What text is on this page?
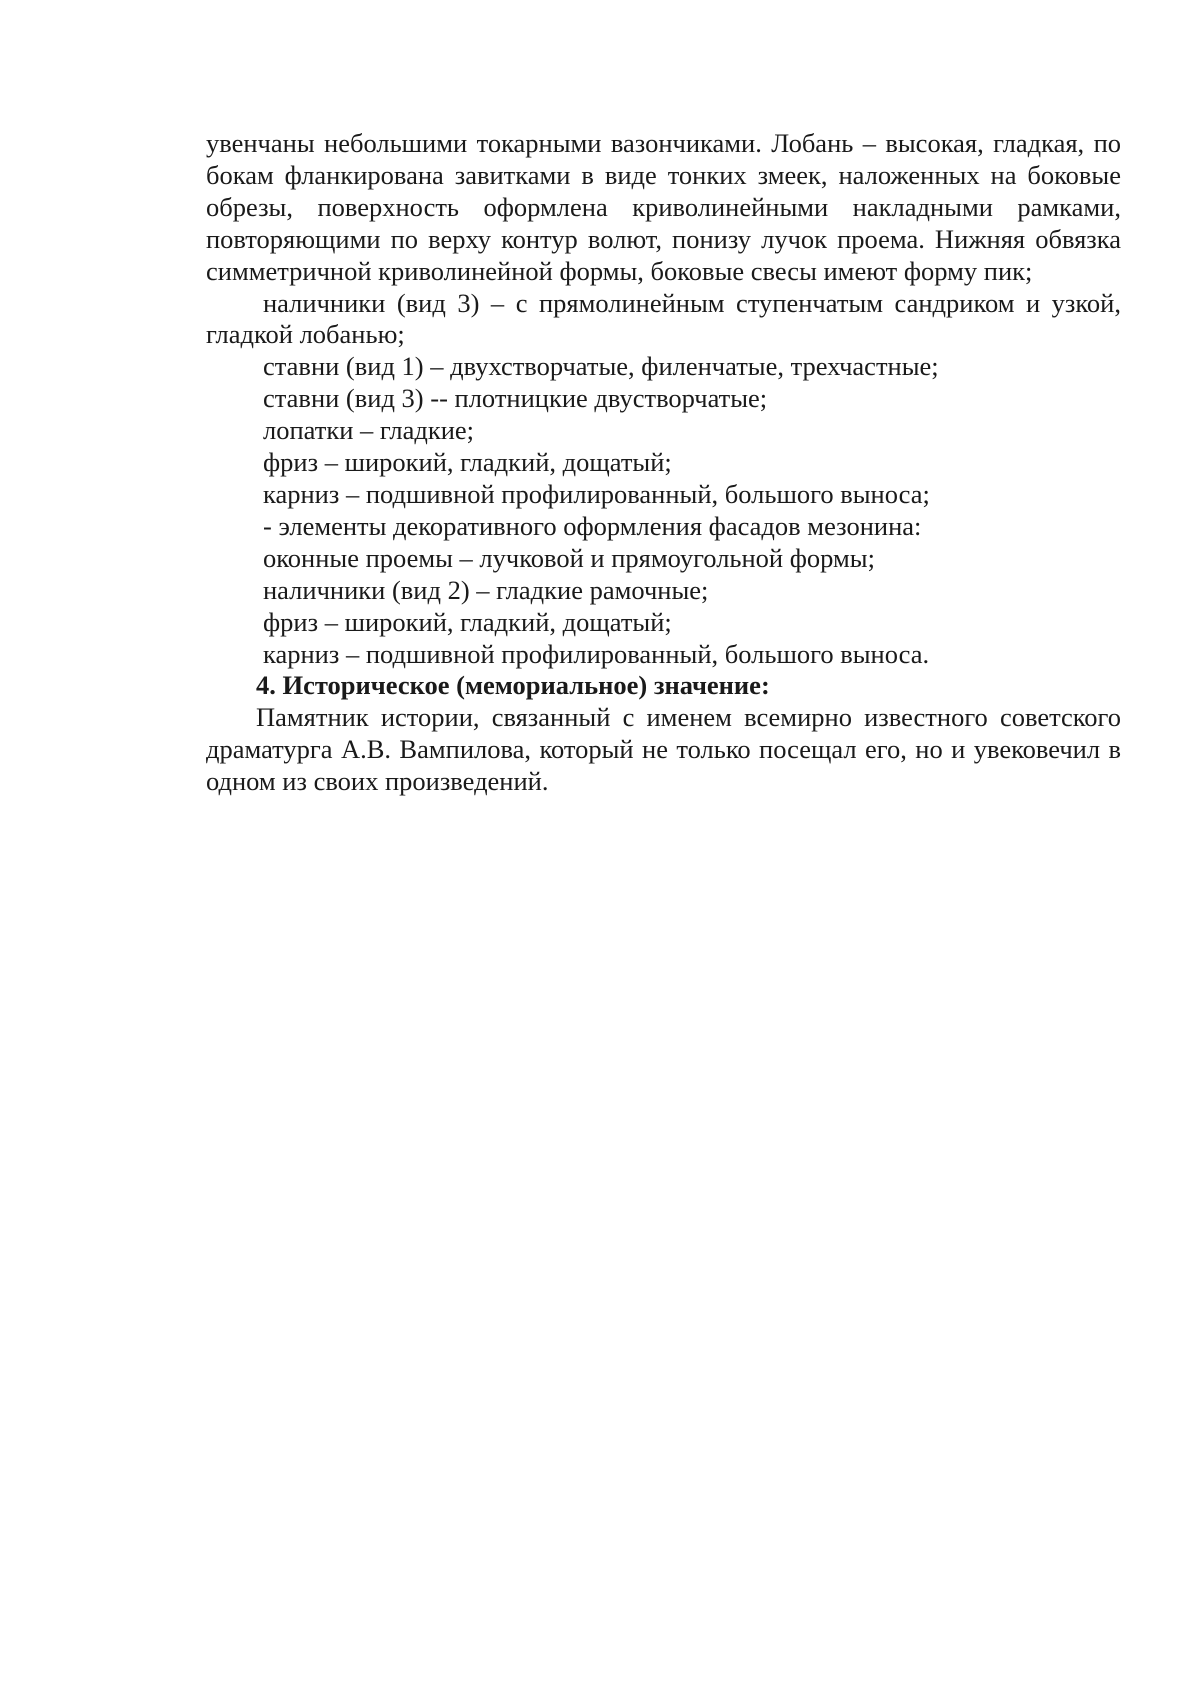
увенчаны небольшими токарными вазончиками. Лобань – высокая, гладкая, по бокам фланкирована завитками в виде тонких змеек, наложенных на боковые обрезы, поверхность оформлена криволинейными накладными рамками, повторяющими по верху контур волют, понизу лучок проема. Нижняя обвязка симметричной криволинейной формы, боковые свесы имеют форму пик;

наличники (вид 3) – с прямолинейным ступенчатым сандриком и узкой, гладкой лобанью;

ставни (вид 1) – двухстворчатые, филенчатые, трехчастные;

ставни (вид 3) -- плотницкие двустворчатые;

лопатки – гладкие;

фриз – широкий, гладкий, дощатый;

карниз – подшивной профилированный, большого выноса;

- элементы декоративного оформления фасадов мезонина:

оконные проемы – лучковой и прямоугольной формы;

наличники (вид 2) – гладкие рамочные;

фриз – широкий, гладкий, дощатый;

карниз – подшивной профилированный, большого выноса.

4. Историческое (мемориальное) значение:

Памятник истории, связанный с именем всемирно известного советского драматурга А.В. Вампилова, который не только посещал его, но и увековечил в одном из своих произведений.
